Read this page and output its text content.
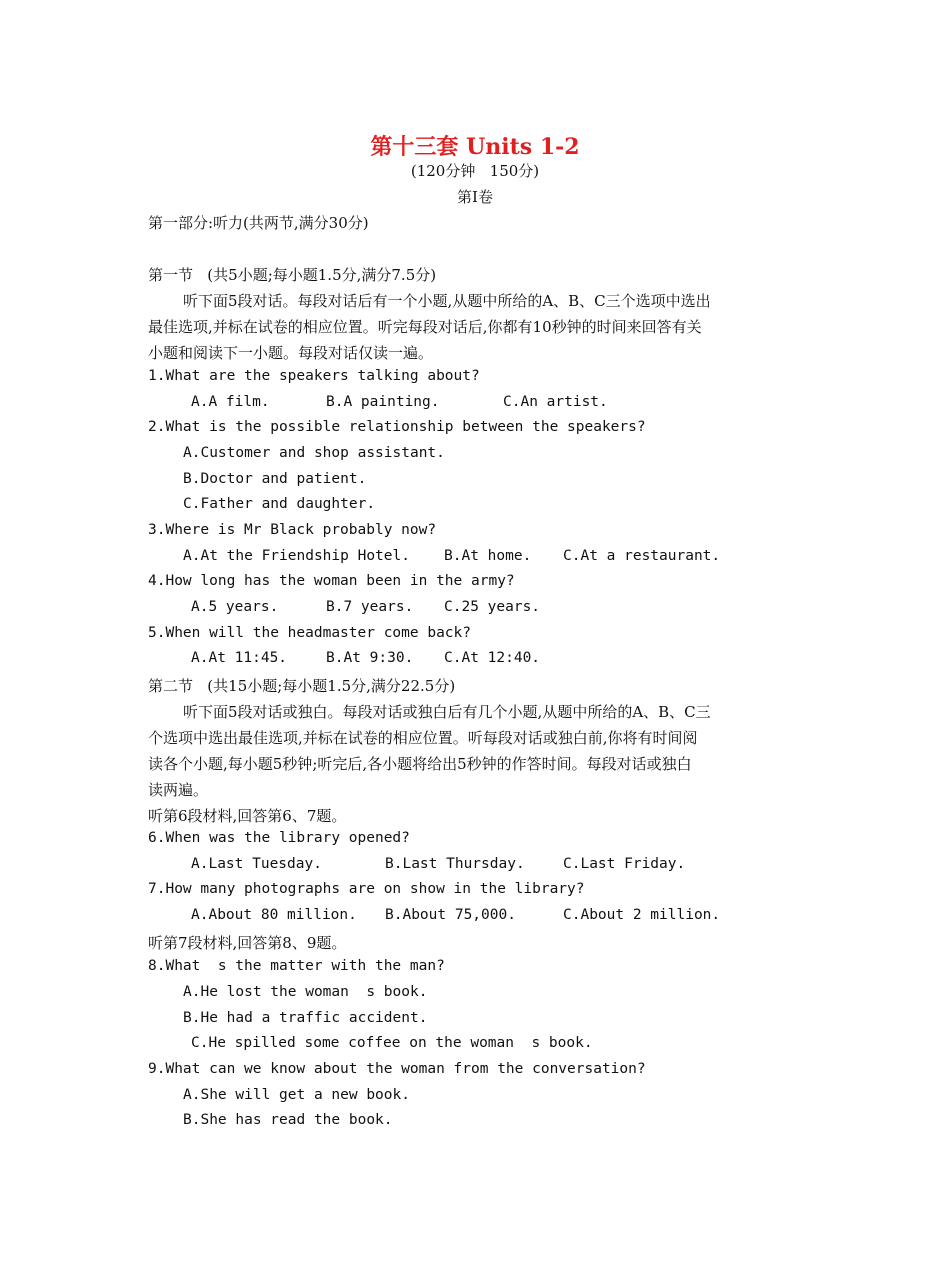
第十三套 Units 1-2
(120分钟   150分)
第Ⅰ卷
第一部分:听力(共两节,满分30分)
第一节   (共5小题;每小题1.5分,满分7.5分)
听下面5段对话。每段对话后有一个小题,从题中所给的A、B、C三个选项中选出
最佳选项,并标在试卷的相应位置。听完每段对话后,你都有10秒钟的时间来回答有关
小题和阅读下一小题。每段对话仅读一遍。
1.What are the speakers talking about?
A.A film.	B.A painting.	C.An artist.
2.What is the possible relationship between the speakers?
A.Customer and shop assistant.
B.Doctor and patient.
C.Father and daughter.
3.Where is Mr Black probably now?
A.At the Friendship Hotel. B.At home. C.At a restaurant.
4.How long has the woman been in the army?
A.5 years.	B.7 years. C.25 years.
5.When will the headmaster come back?
A.At 11:45.	B.At 9:30. C.At 12:40.
第二节   (共15小题;每小题1.5分,满分22.5分)
听下面5段对话或独白。每段对话或独白后有几个小题,从题中所给的A、B、C三
个选项中选出最佳选项,并标在试卷的相应位置。听每段对话或独白前,你将有时间阅
读各个小题,每小题5秒钟;听完后,各小题将给出5秒钟的作答时间。每段对话或独白
读两遍。
听第6段材料,回答第6、7题。
6.When was the library opened?
A.Last Tuesday.	B.Last Thursday.	C.Last Friday.
7.How many photographs are on show in the library?
A.About 80 million. B.About 75,000.	C.About 2 million.
听第7段材料,回答第8、9题。
8.What  s the matter with the man?
A.He lost the woman  s book.
B.He had a traffic accident.
C.He spilled some coffee on the woman  s book.
9.What can we know about the woman from the conversation?
A.She will get a new book.
B.She has read the book.
